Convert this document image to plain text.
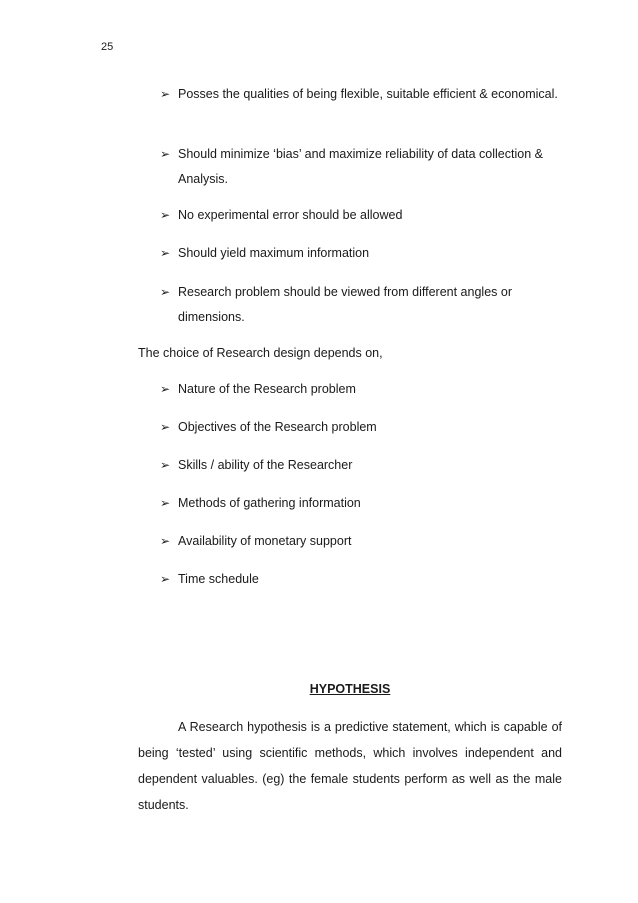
25
➢ Posses the qualities of being flexible, suitable efficient & economical.
➢ Should minimize ‘bias’ and maximize reliability of data collection & Analysis.
➢ No experimental error should be allowed
➢ Should yield maximum information
➢ Research problem should be viewed from different angles or dimensions.
The choice of Research design depends on,
➢ Nature of the Research problem
➢ Objectives of the Research problem
➢ Skills / ability of the Researcher
➢ Methods of gathering information
➢ Availability of monetary support
➢ Time schedule
HYPOTHESIS

A Research hypothesis is a predictive statement, which is capable of being ‘tested’ using scientific methods, which involves independent and dependent valuables. (eg) the female students perform as well as the male students.
